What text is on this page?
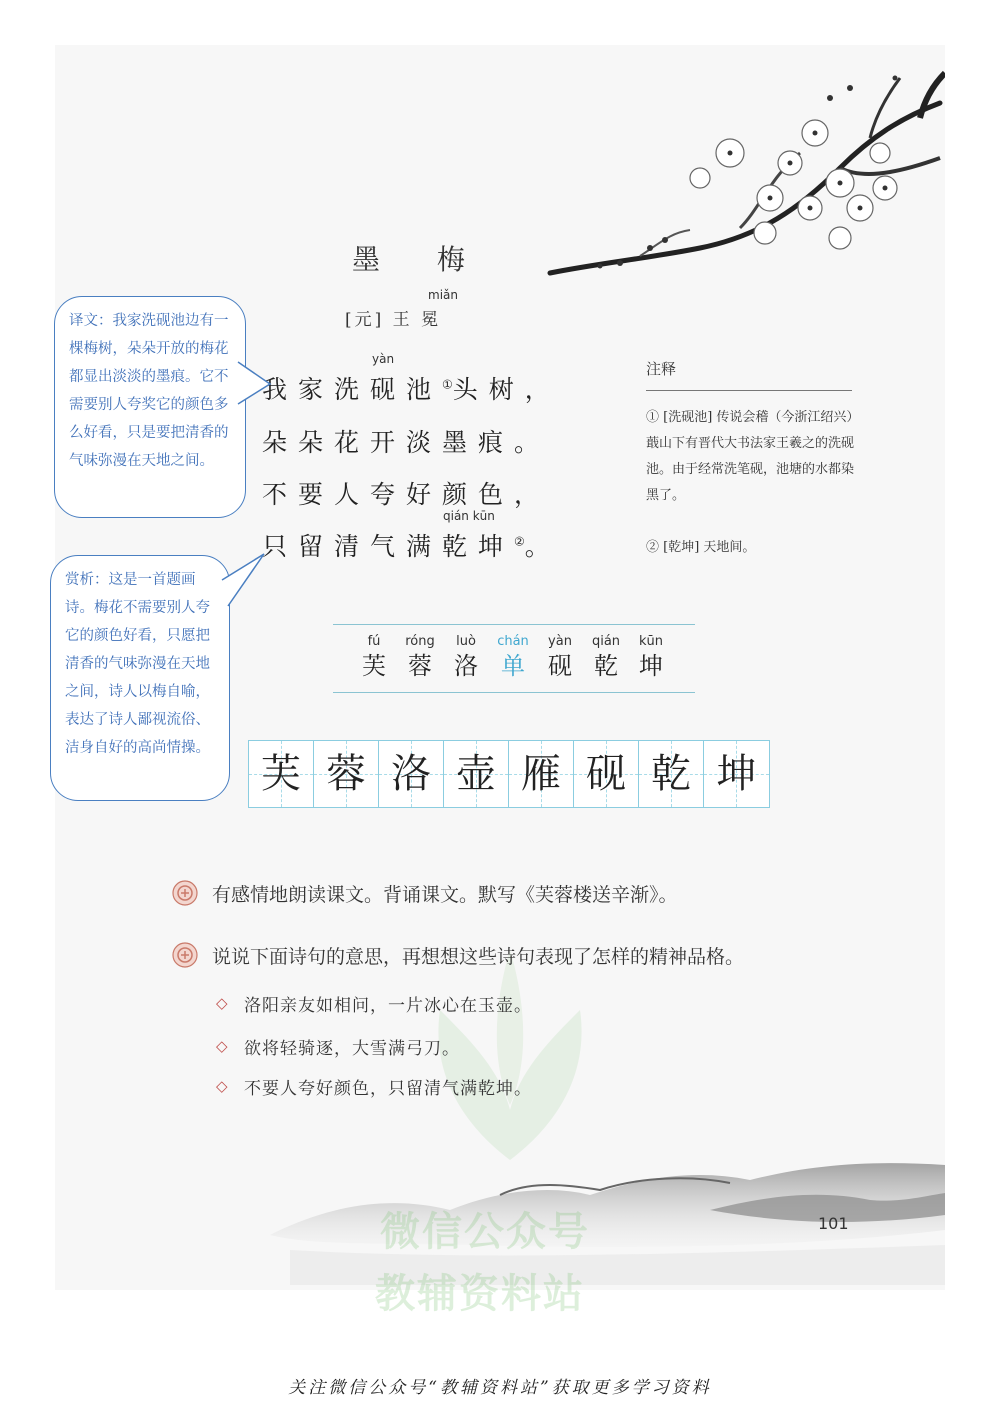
微信公众号
教辅资料站
墨 梅
miǎn
[元] 王 冕
yàn
我家洗砚池①头树，
朵朵花开淡墨痕。
不要人夸好颜色，
qián kūn
只留清气满乾坤②。
注释
① [洗砚池] 传说会稽（今浙江绍兴）蕺山下有晋代大书法家王羲之的洗砚池。由于经常洗笔砚，池塘的水都染黑了。
② [乾坤] 天地间。
译文：我家洗砚池边有一棵梅树，朵朵开放的梅花都显出淡淡的墨痕。它不需要别人夸奖它的颜色多么好看，只是要把清香的气味弥漫在天地之间。
赏析：这是一首题画诗。梅花不需要别人夸它的颜色好看，只愿把清香的气味弥漫在天地之间，诗人以梅自喻，表达了诗人鄙视流俗、洁身自好的高尚情操。
fú
芙
róng
蓉
luò
洛
chán
单
yàn
砚
qián
乾
kūn
坤
芙 蓉 洛 壶 雁 砚 乾 坤
有感情地朗读课文。背诵课文。默写《芙蓉楼送辛渐》。
说说下面诗句的意思，再想想这些诗句表现了怎样的精神品格。
◇ 洛阳亲友如相问，一片冰心在玉壶。
◇ 欲将轻骑逐，大雪满弓刀。
◇ 不要人夸好颜色，只留清气满乾坤。
101
关注微信公众号“教辅资料站”获取更多学习资料
